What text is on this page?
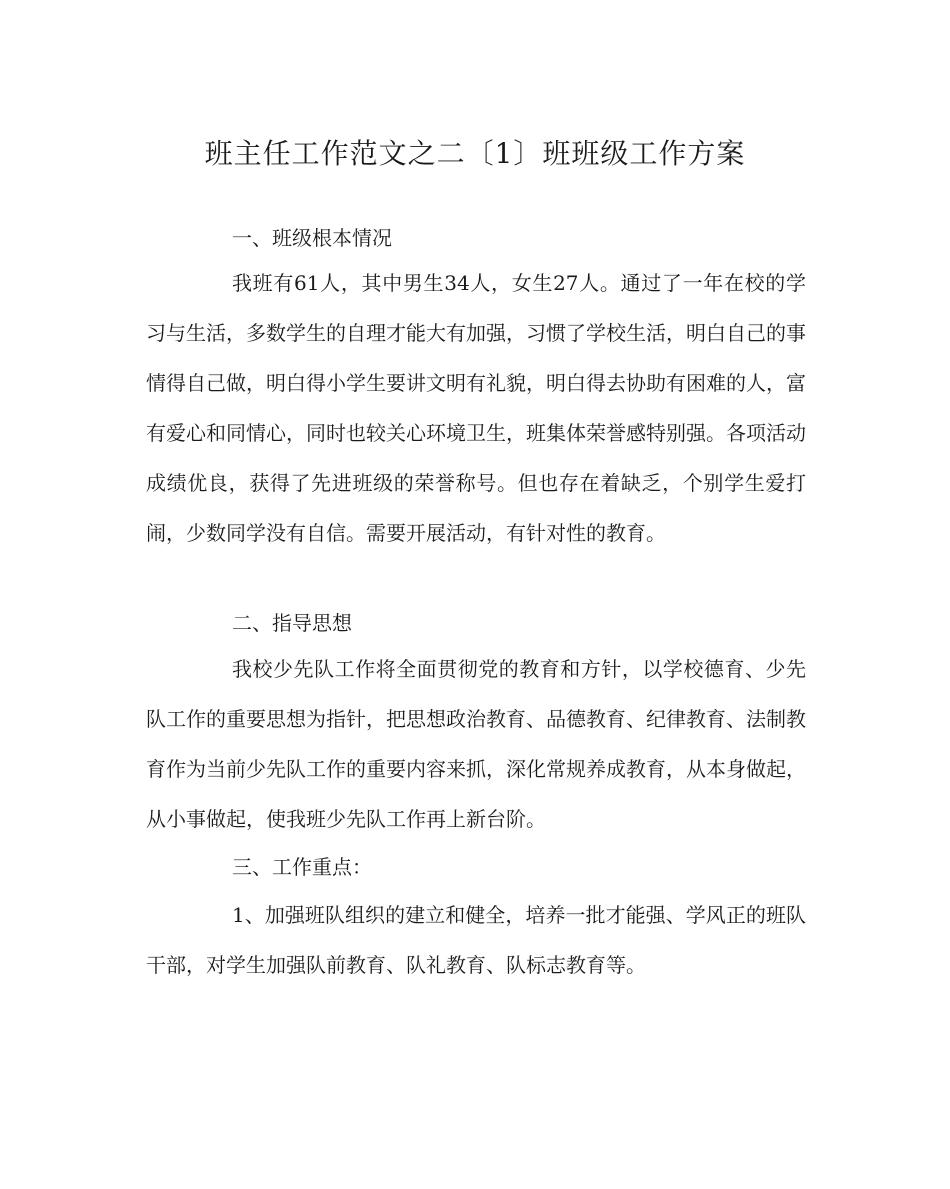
班主任工作范文之二〔1〕班班级工作方案
一、班级根本情况

我班有61人，其中男生34人，女生27人。通过了一年在校的学习与生活，多数学生的自理才能大有加强，习惯了学校生活，明白自己的事情得自己做，明白得小学生要讲文明有礼貌，明白得去协助有困难的人，富有爱心和同情心，同时也较关心环境卫生，班集体荣誉感特别强。各项活动成绩优良，获得了先进班级的荣誉称号。但也存在着缺乏，个别学生爱打闹，少数同学没有自信。需要开展活动，有针对性的教育。

二、指导思想

我校少先队工作将全面贯彻党的教育和方针，以学校德育、少先队工作的重要思想为指针，把思想政治教育、品德教育、纪律教育、法制教育作为当前少先队工作的重要内容来抓，深化常规养成教育，从本身做起，从小事做起，使我班少先队工作再上新台阶。

三、工作重点：

1、加强班队组织的建立和健全，培养一批才能强、学风正的班队干部，对学生加强队前教育、队礼教育、队标志教育等。
